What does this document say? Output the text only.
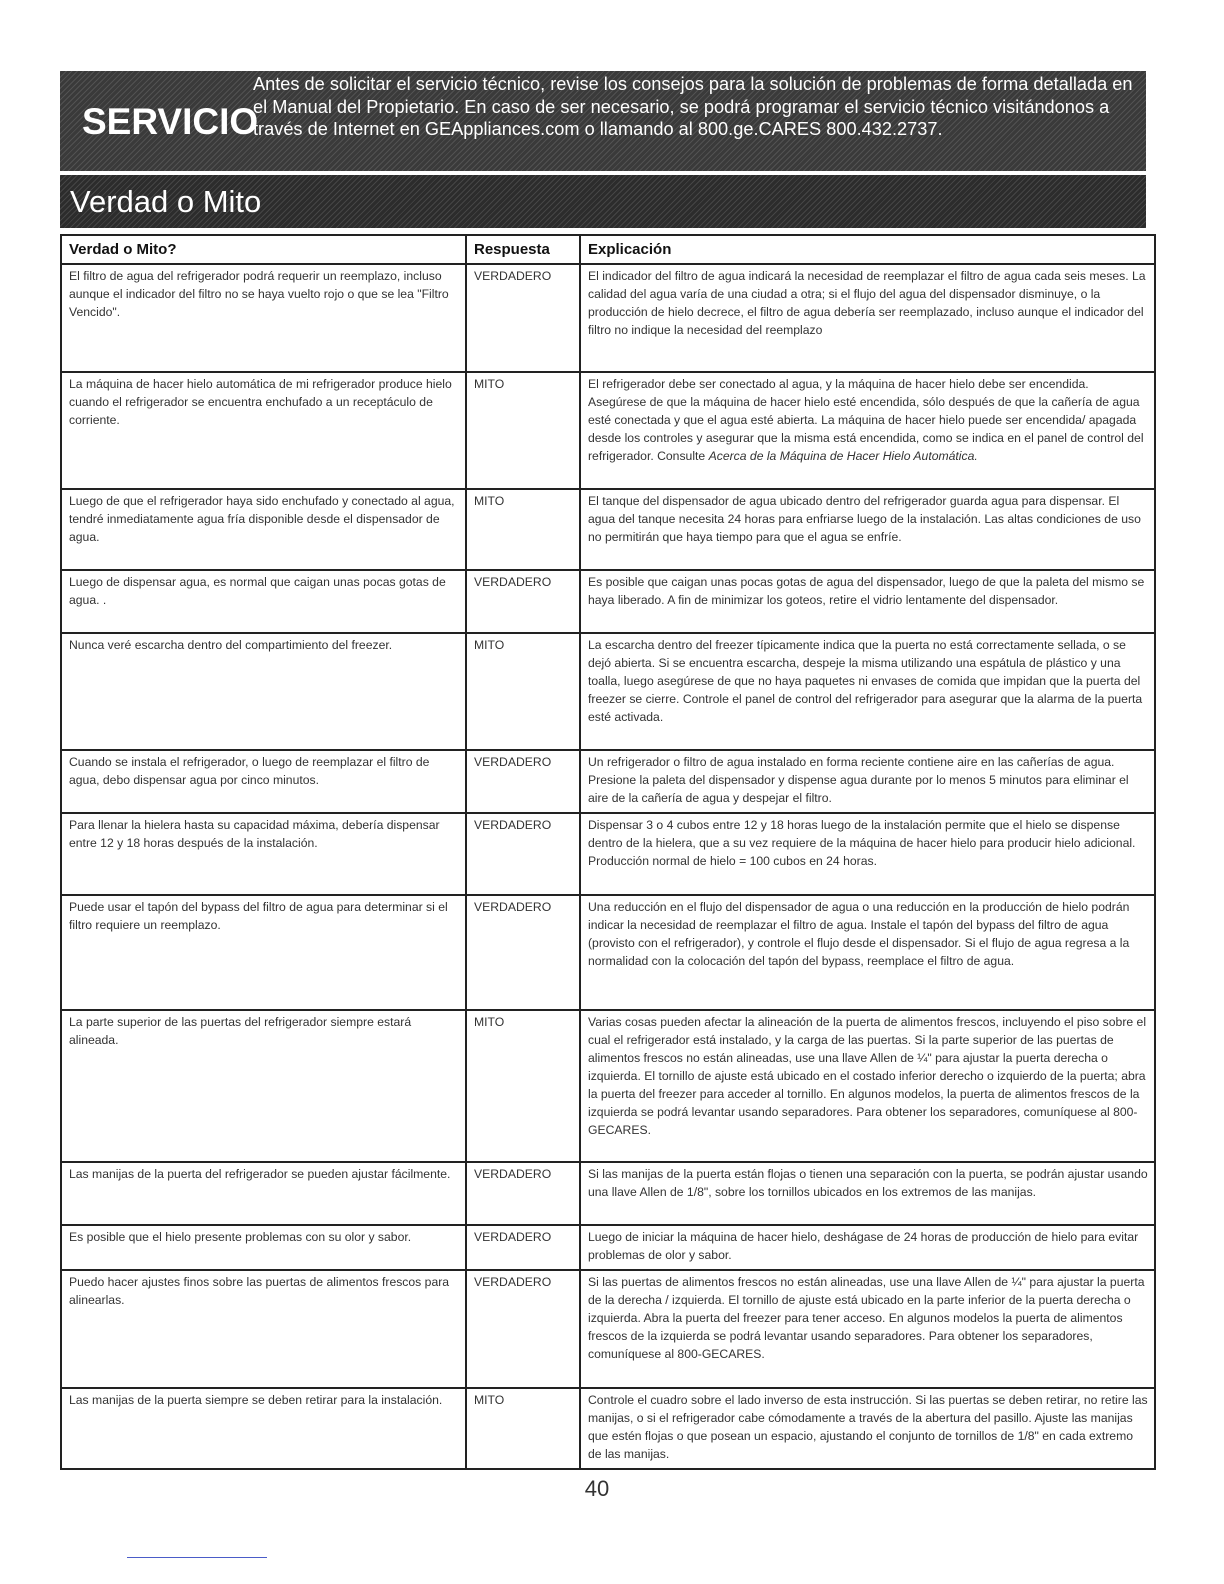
SERVICIO
Antes de solicitar el servicio técnico, revise los consejos para la solución de problemas de forma detallada en el Manual del Propietario. En caso de ser necesario, se podrá programar el servicio técnico visitándonos a través de Internet en GEAppliances.com o llamando al 800.ge.CARES 800.432.2737.
Verdad o Mito
Verdad o Mito?	Respuesta	Explicación
El filtro de agua del refrigerador podrá requerir un reemplazo, incluso aunque el indicador del filtro no se haya vuelto rojo o que se lea "Filtro Vencido".	VERDADERO	El indicador del filtro de agua indicará la necesidad de reemplazar el filtro de agua cada seis meses. La calidad del agua varía de una ciudad a otra; si el flujo del agua del dispensador disminuye, o la producción de hielo decrece, el filtro de agua debería ser reemplazado, incluso aunque el indicador del filtro no indique la necesidad del reemplazo
La máquina de hacer hielo automática de mi refrigerador produce hielo cuando el refrigerador se encuentra enchufado a un receptáculo de corriente.	MITO	El refrigerador debe ser conectado al agua, y la máquina de hacer hielo debe ser encendida. Asegúrese de que la máquina de hacer hielo esté encendida, sólo después de que la cañería de agua esté conectada y que el agua esté abierta. La máquina de hacer hielo puede ser encendida/ apagada desde los controles y asegurar que la misma está encendida, como se indica en el panel de control del refrigerador. Consulte Acerca de la Máquina de Hacer Hielo Automática.
Luego de que el refrigerador haya sido enchufado y conectado al agua, tendré inmediatamente agua fría disponible desde el dispensador de agua.	MITO	El tanque del dispensador de agua ubicado dentro del refrigerador guarda agua para dispensar. El agua del tanque necesita 24 horas para enfriarse luego de la instalación. Las altas condiciones de uso no permitirán que haya tiempo para que el agua se enfríe.
Luego de dispensar agua, es normal que caigan unas pocas gotas de agua. .	VERDADERO	Es posible que caigan unas pocas gotas de agua del dispensador, luego de que la paleta del mismo se haya liberado. A fin de minimizar los goteos, retire el vidrio lentamente del dispensador.
Nunca veré escarcha dentro del compartimiento del freezer.	MITO	La escarcha dentro del freezer típicamente indica que la puerta no está correctamente sellada, o se dejó abierta. Si se encuentra escarcha, despeje la misma utilizando una espátula de plástico y una toalla, luego asegúrese de que no haya paquetes ni envases de comida que impidan que la puerta del freezer se cierre. Controle el panel de control del refrigerador para asegurar que la alarma de la puerta esté activada.
Cuando se instala el refrigerador, o luego de reemplazar el filtro de agua, debo dispensar agua por cinco minutos.	VERDADERO	Un refrigerador o filtro de agua instalado en forma reciente contiene aire en las cañerías de agua. Presione la paleta del dispensador y dispense agua durante por lo menos 5 minutos para eliminar el aire de la cañería de agua y despejar el filtro.
Para llenar la hielera hasta su capacidad máxima, debería dispensar entre 12 y 18 horas después de la instalación.	VERDADERO	Dispensar 3 o 4 cubos entre 12 y 18 horas luego de la instalación permite que el hielo se dispense dentro de la hielera, que a su vez requiere de la máquina de hacer hielo para producir hielo adicional. Producción normal de hielo = 100 cubos en 24 horas.
Puede usar el tapón del bypass del filtro de agua para determinar si el filtro requiere un reemplazo.	VERDADERO	Una reducción en el flujo del dispensador de agua o una reducción en la producción de hielo podrán indicar la necesidad de reemplazar el filtro de agua. Instale el tapón del bypass del filtro de agua (provisto con el refrigerador), y controle el flujo desde el dispensador. Si el flujo de agua regresa a la normalidad con la colocación del tapón del bypass, reemplace el filtro de agua.
La parte superior de las puertas del refrigerador siempre estará alineada.	MITO	Varias cosas pueden afectar la alineación de la puerta de alimentos frescos, incluyendo el piso sobre el cual el refrigerador está instalado, y la carga de las puertas. Si la parte superior de las puertas de alimentos frescos no están alineadas, use una llave Allen de ¼" para ajustar la puerta derecha o izquierda. El tornillo de ajuste está ubicado en el costado inferior derecho o izquierdo de la puerta; abra la puerta del freezer para acceder al tornillo. En algunos modelos, la puerta de alimentos frescos de la izquierda se podrá levantar usando separadores. Para obtener los separadores, comuníquese al 800-GECARES.
Las manijas de la puerta del refrigerador se pueden ajustar fácilmente.	VERDADERO	Si las manijas de la puerta están flojas o tienen una separación con la puerta, se podrán ajustar usando una llave Allen de 1/8", sobre los tornillos ubicados en los extremos de las manijas.
Es posible que el hielo presente problemas con su olor y sabor.	VERDADERO	Luego de iniciar la máquina de hacer hielo, deshágase de 24 horas de producción de hielo para evitar problemas de olor y sabor.
Puedo hacer ajustes finos sobre las puertas de alimentos frescos para alinearlas.	VERDADERO	Si las puertas de alimentos frescos no están alineadas, use una llave Allen de ¼" para ajustar la puerta de la derecha / izquierda. El tornillo de ajuste está ubicado en la parte inferior de la puerta derecha o izquierda. Abra la puerta del freezer para tener acceso. En algunos modelos la puerta de alimentos frescos de la izquierda se podrá levantar usando separadores. Para obtener los separadores, comuníquese al 800-GECARES.
Las manijas de la puerta siempre se deben retirar para la instalación.	MITO	Controle el cuadro sobre el lado inverso de esta instrucción. Si las puertas se deben retirar, no retire las manijas, o si el refrigerador cabe cómodamente a través de la abertura del pasillo. Ajuste las manijas que estén flojas o que posean un espacio, ajustando el conjunto de tornillos de 1/8" en cada extremo de las manijas.
40
